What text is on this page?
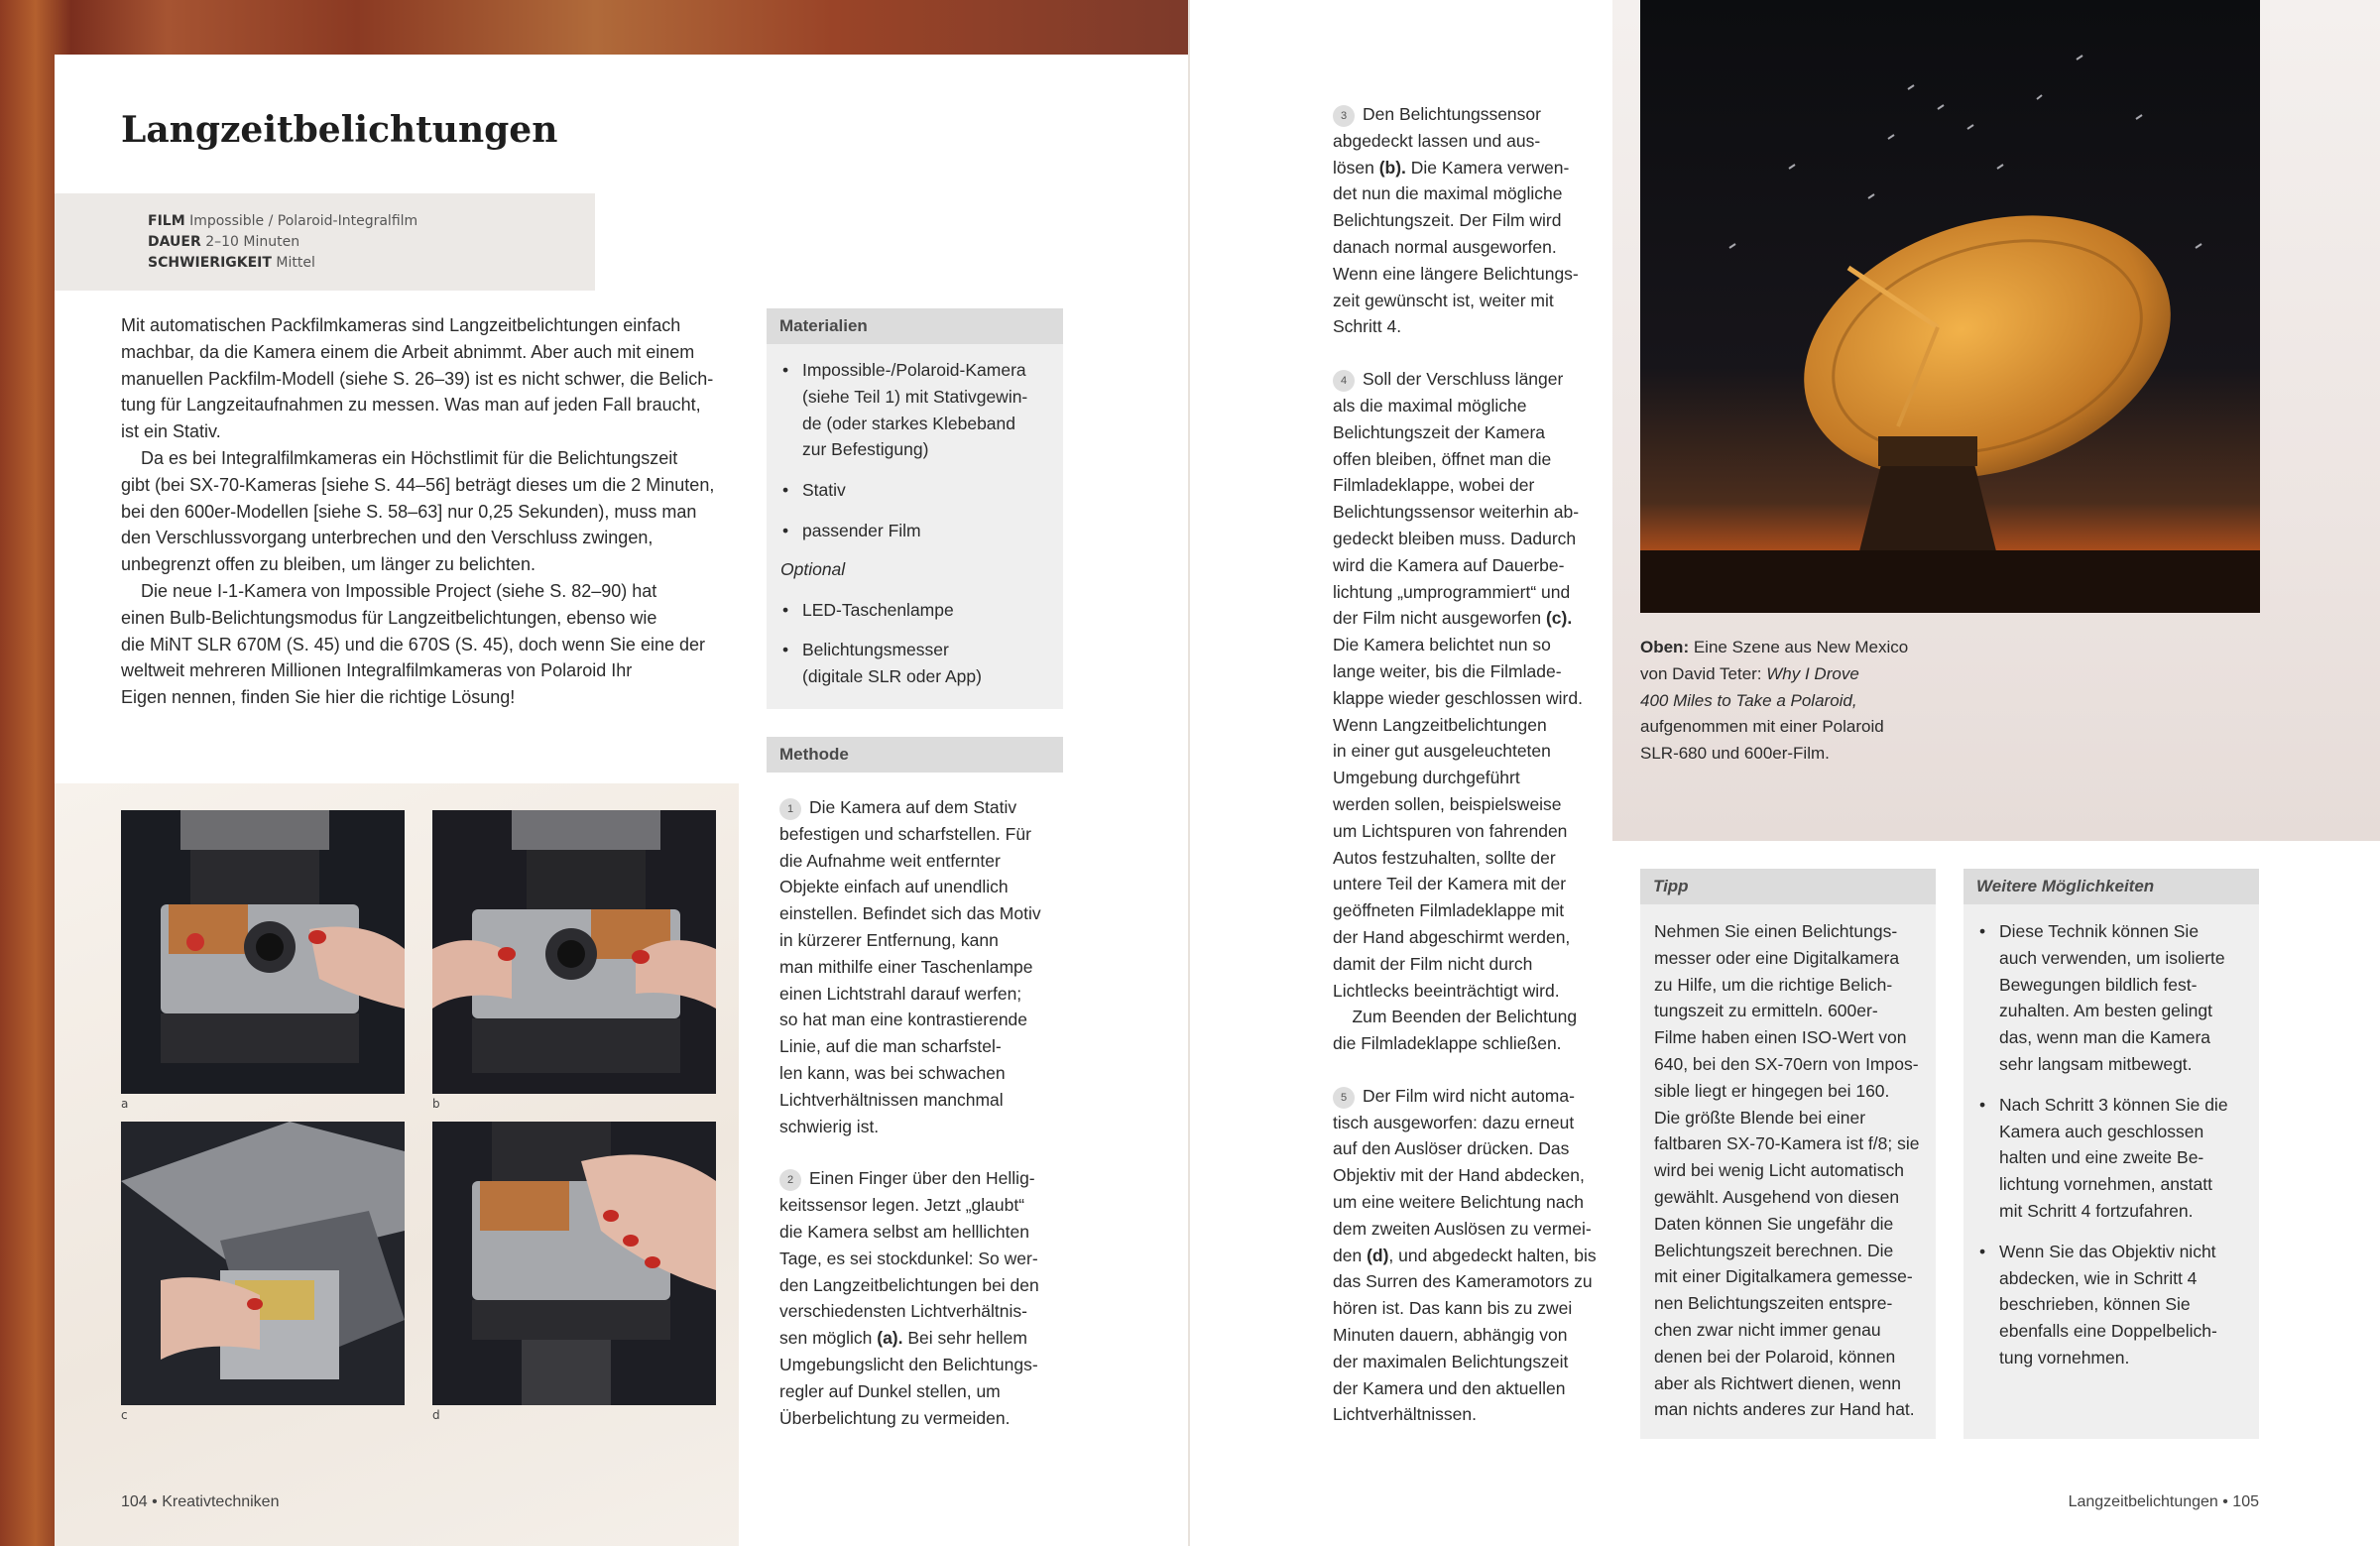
Langzeitbelichtungen
FILM Impossible / Polaroid-Integralfilm
DAUER 2–10 Minuten
SCHWIERIGKEIT Mittel
Mit automatischen Packfilmkameras sind Langzeitbelichtungen einfach
machbar, da die Kamera einem die Arbeit abnimmt. Aber auch mit einem
manuellen Packfilm-Modell (siehe S. 26–39) ist es nicht schwer, die Belich-
tung für Langzeitaufnahmen zu messen. Was man auf jeden Fall braucht,
ist ein Stativ.
Da es bei Integralfilmkameras ein Höchstlimit für die Belichtungszeit
gibt (bei SX-70-Kameras [siehe S. 44–56] beträgt dieses um die 2 Minuten,
bei den 600er-Modellen [siehe S. 58–63] nur 0,25 Sekunden), muss man
den Verschlussvorgang unterbrechen und den Verschluss zwingen,
unbegrenzt offen zu bleiben, um länger zu belichten.
Die neue I-1-Kamera von Impossible Project (siehe S. 82–90) hat
einen Bulb-Belichtungsmodus für Langzeitbelichtungen, ebenso wie
die MiNT SLR 670M (S. 45) und die 670S (S. 45), doch wenn Sie eine der
weltweit mehreren Millionen Integralfilmkameras von Polaroid Ihr
Eigen nennen, finden Sie hier die richtige Lösung!
a	b
c	d
104 • Kreativtechniken
Materialien
• Impossible-/Polaroid-Kamera
(siehe Teil 1) mit Stativgewin-
de (oder starkes Klebeband
zur Befestigung)
• Stativ
• passender Film
Optional
• LED-Taschenlampe
• Belichtungsmesser
(digitale SLR oder App)
Methode
1 Die Kamera auf dem Stativ
befestigen und scharfstellen. Für
die Aufnahme weit entfernter
Objekte einfach auf unendlich
einstellen. Befindet sich das Motiv
in kürzerer Entfernung, kann
man mithilfe einer Taschenlampe
einen Lichtstrahl darauf werfen;
so hat man eine kontrastierende
Linie, auf die man scharfstel-
len kann, was bei schwachen
Lichtverhältnissen manchmal
schwierig ist.
2 Einen Finger über den Hellig-
keitssensor legen. Jetzt „glaubt“
die Kamera selbst am helllichten
Tage, es sei stockdunkel: So wer-
den Langzeitbelichtungen bei den
verschiedensten Lichtverhältnis-
sen möglich (a). Bei sehr hellem
Umgebungslicht den Belichtungs-
regler auf Dunkel stellen, um
Überbelichtung zu vermeiden.
3 Den Belichtungssensor
abgedeckt lassen und aus-
lösen (b). Die Kamera verwen-
det nun die maximal mögliche
Belichtungszeit. Der Film wird
danach normal ausgeworfen.
Wenn eine längere Belichtungs-
zeit gewünscht ist, weiter mit
Schritt 4.
4 Soll der Verschluss länger
als die maximal mögliche
Belichtungszeit der Kamera
offen bleiben, öffnet man die
Filmladeklappe, wobei der
Belichtungssensor weiterhin ab-
gedeckt bleiben muss. Dadurch
wird die Kamera auf Dauerbe-
lichtung „umprogrammiert“ und
der Film nicht ausgeworfen (c).
Die Kamera belichtet nun so
lange weiter, bis die Filmlade-
klappe wieder geschlossen wird.
Wenn Langzeitbelichtungen
in einer gut ausgeleuchteten
Umgebung durchgeführt
werden sollen, beispielsweise
um Lichtspuren von fahrenden
Autos festzuhalten, sollte der
untere Teil der Kamera mit der
geöffneten Filmladeklappe mit
der Hand abgeschirmt werden,
damit der Film nicht durch
Lichtlecks beeinträchtigt wird.
Zum Beenden der Belichtung
die Filmladeklappe schließen.
5 Der Film wird nicht automa-
tisch ausgeworfen: dazu erneut
auf den Auslöser drücken. Das
Objektiv mit der Hand abdecken,
um eine weitere Belichtung nach
dem zweiten Auslösen zu vermei-
den (d), und abgedeckt halten, bis
das Surren des Kameramotors zu
hören ist. Das kann bis zu zwei
Minuten dauern, abhängig von
der maximalen Belichtungszeit
der Kamera und den aktuellen
Lichtverhältnissen.
Oben: Eine Szene aus New Mexico
von David Teter: Why I Drove
400 Miles to Take a Polaroid,
aufgenommen mit einer Polaroid
SLR-680 und 600er-Film.
Tipp
Nehmen Sie einen Belichtungs-
messer oder eine Digitalkamera
zu Hilfe, um die richtige Belich-
tungszeit zu ermitteln. 600er-
Filme haben einen ISO-Wert von
640, bei den SX-70ern von Impos-
sible liegt er hingegen bei 160.
Die größte Blende bei einer
faltbaren SX-70-Kamera ist f/8; sie
wird bei wenig Licht automatisch
gewählt. Ausgehend von diesen
Daten können Sie ungefähr die
Belichtungszeit berechnen. Die
mit einer Digitalkamera gemesse-
nen Belichtungszeiten entspre-
chen zwar nicht immer genau
denen bei der Polaroid, können
aber als Richtwert dienen, wenn
man nichts anderes zur Hand hat.
Weitere Möglichkeiten
• Diese Technik können Sie
auch verwenden, um isolierte
Bewegungen bildlich fest-
zuhalten. Am besten gelingt
das, wenn man die Kamera
sehr langsam mitbewegt.
• Nach Schritt 3 können Sie die
Kamera auch geschlossen
halten und eine zweite Be-
lichtung vornehmen, anstatt
mit Schritt 4 fortzufahren.
• Wenn Sie das Objektiv nicht
abdecken, wie in Schritt 4
beschrieben, können Sie
ebenfalls eine Doppelbelich-
tung vornehmen.
Langzeitbelichtungen • 105
